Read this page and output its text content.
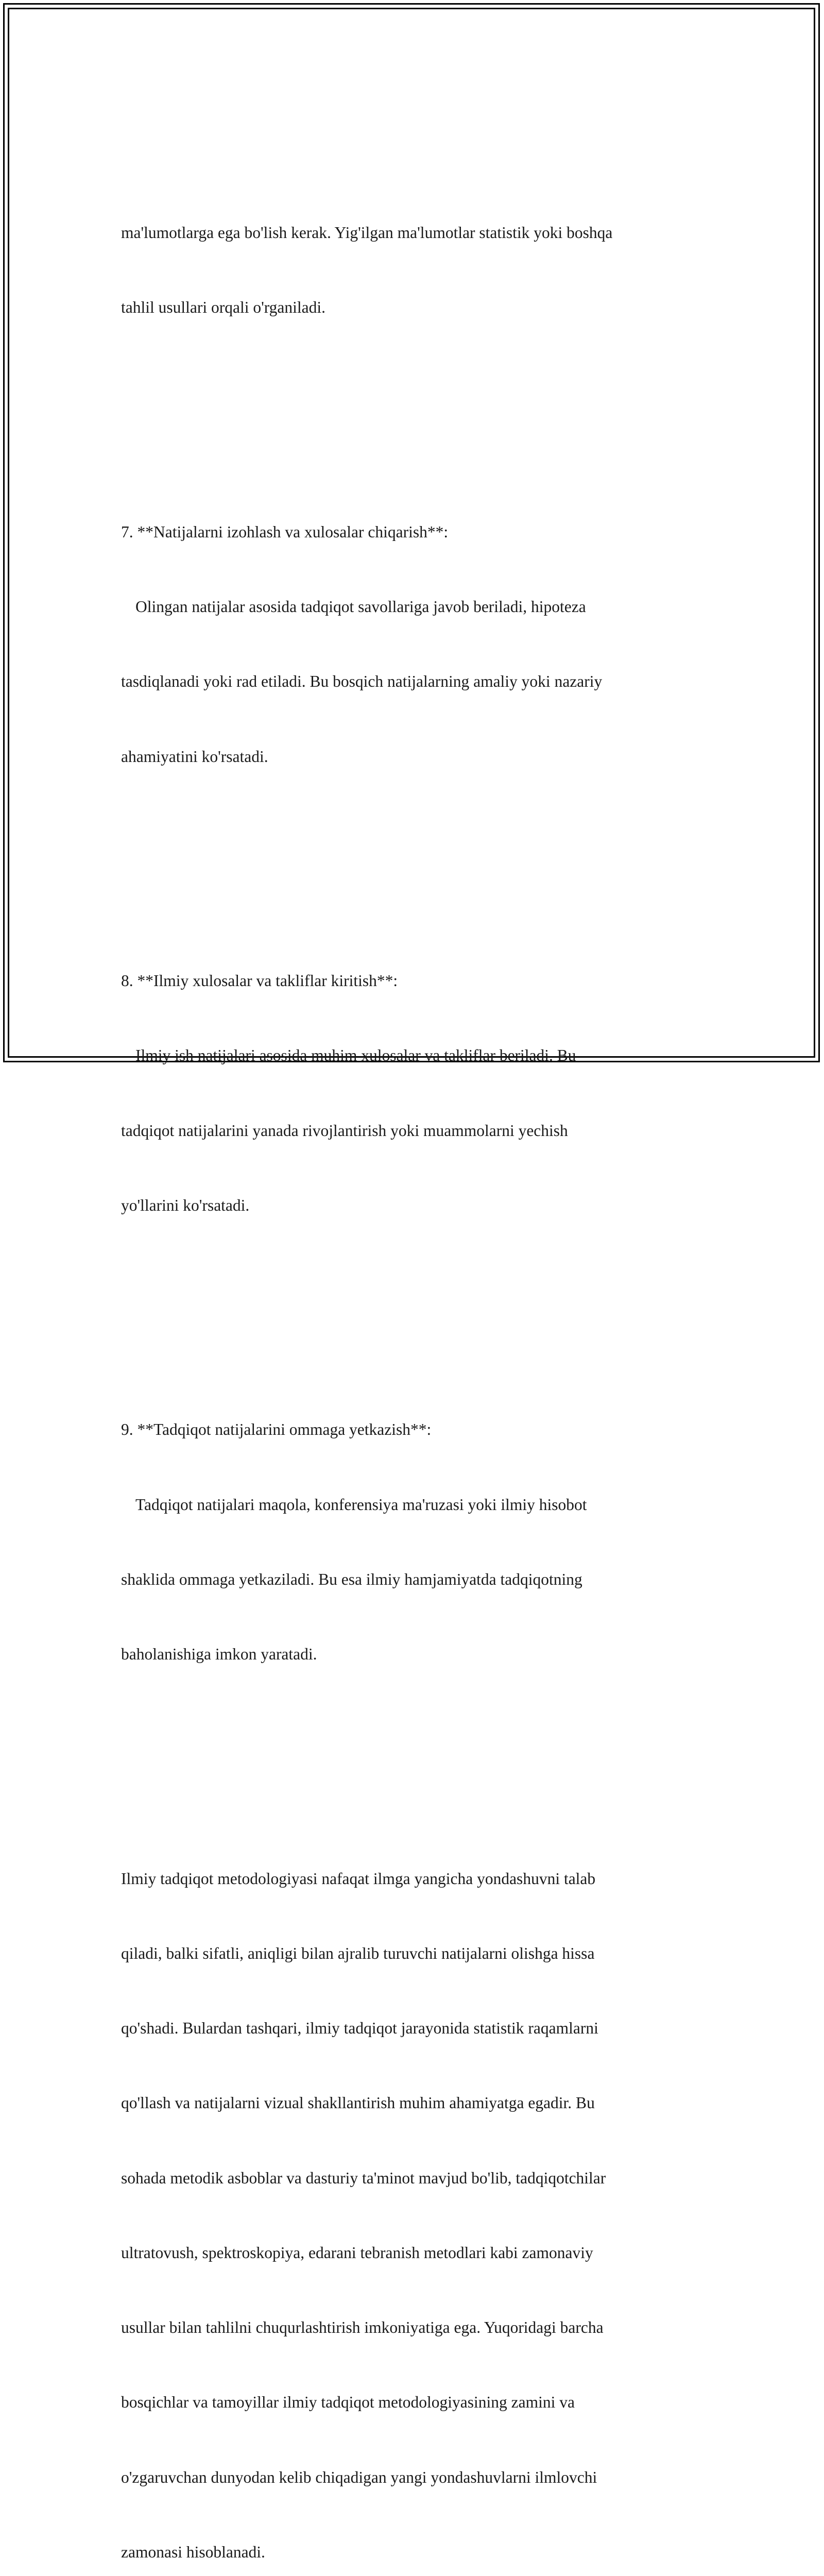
ma'lumotlarga ega bo'lish kerak. Yig'ilgan ma'lumotlar statistik yoki boshqa

tahlil usullari orqali o'rganiladi.

7. **Natijalarni izohlash va xulosalar chiqarish**:

Olingan natijalar asosida tadqiqot savollariga javob beriladi, hipoteza

tasdiqlanadi yoki rad etiladi. Bu bosqich natijalarning amaliy yoki nazariy

ahamiyatini ko'rsatadi.

8. **Ilmiy xulosalar va takliflar kiritish**:

Ilmiy ish natijalari asosida muhim xulosalar va takliflar beriladi. Bu

tadqiqot natijalarini yanada rivojlantirish yoki muammolarni yechish

yo'llarini ko'rsatadi.

9. **Tadqiqot natijalarini ommaga yetkazish**:

Tadqiqot natijalari maqola, konferensiya ma'ruzasi yoki ilmiy hisobot

shaklida ommaga yetkaziladi. Bu esa ilmiy hamjamiyatda tadqiqotning

baholanishiga imkon yaratadi.

Ilmiy tadqiqot metodologiyasi nafaqat ilmga yangicha yondashuvni talab

qiladi, balki sifatli, aniqligi bilan ajralib turuvchi natijalarni olishga hissa

qo'shadi. Bulardan tashqari, ilmiy tadqiqot jarayonida statistik raqamlarni

qo'llash va natijalarni vizual shakllantirish muhim ahamiyatga egadir. Bu

sohada metodik asboblar va dasturiy ta'minot mavjud bo'lib, tadqiqotchilar

ultratovush, spektroskopiya, edarani tebranish metodlari kabi zamonaviy

usullar bilan tahlilni chuqurlashtirish imkoniyatiga ega. Yuqoridagi barcha

bosqichlar va tamoyillar ilmiy tadqiqot metodologiyasining zamini va

o'zgaruvchan dunyodan kelib chiqadigan yangi yondashuvlarni ilmlovchi

zamonasi hisoblanadi.
